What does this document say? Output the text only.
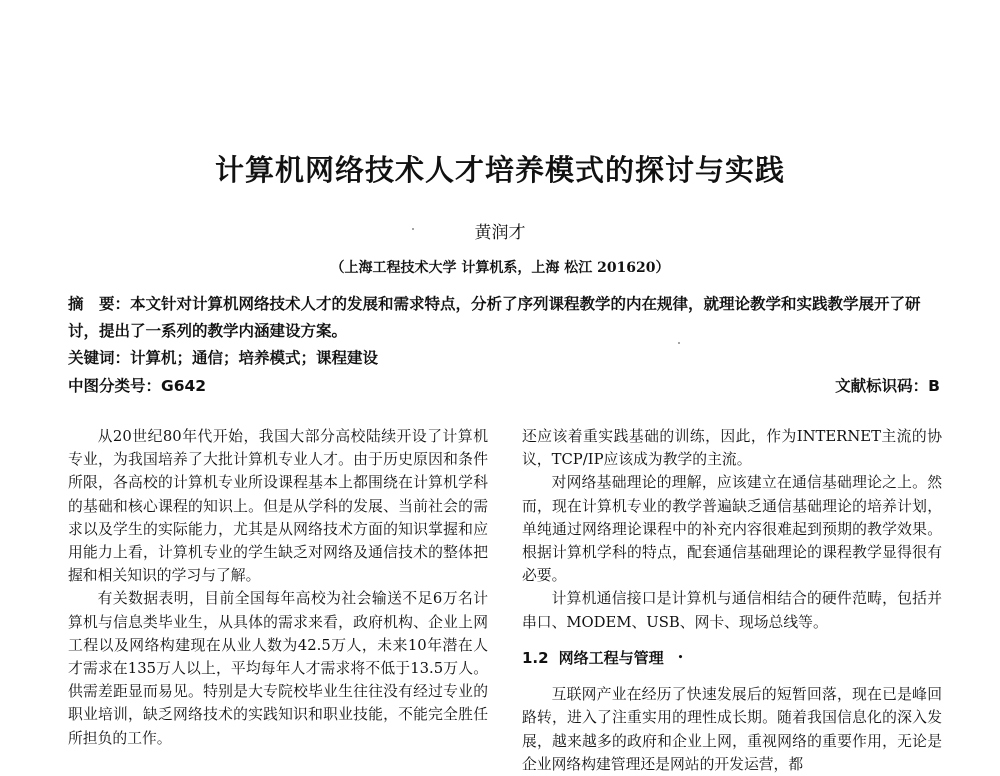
计算机网络技术人才培养模式的探讨与实践
黄润才
（上海工程技术大学 计算机系，上海 松江 201620）
摘　要：本文针对计算机网络技术人才的发展和需求特点，分析了序列课程教学的内在规律，就理论教学和实践教学展开了研讨，提出了一系列的教学内涵建设方案。
关键词：计算机；通信；培养模式；课程建设
中图分类号：G642	文献标识码：B

从20世纪80年代开始，我国大部分高校陆续开设了计算机专业，为我国培养了大批计算机专业人才。由于历史原因和条件所限，各高校的计算机专业所设课程基本上都围绕在计算机学科的基础和核心课程的知识上。但是从学科的发展、当前社会的需求以及学生的实际能力，尤其是从网络技术方面的知识掌握和应用能力上看，计算机专业的学生缺乏对网络及通信技术的整体把握和相关知识的学习与了解。

有关数据表明，目前全国每年高校为社会输送不足6万名计算机与信息类毕业生，从具体的需求来看，政府机构、企业上网工程以及网络构建现在从业人数为42.5万人，未来10年潜在人才需求在135万人以上，平均每年人才需求将不低于13.5万人。供需差距显而易见。特别是大专院校毕业生往往没有经过专业的职业培训，缺乏网络技术的实践知识和职业技能，不能完全胜任所担负的工作。

还应该着重实践基础的训练，因此，作为INTERNET主流的协议，TCP/IP应该成为教学的主流。

对网络基础理论的理解，应该建立在通信基础理论之上。然而，现在计算机专业的教学普遍缺乏通信基础理论的培养计划，单纯通过网络理论课程中的补充内容很难起到预期的教学效果。根据计算机学科的特点，配套通信基础理论的课程教学显得很有必要。

计算机通信接口是计算机与通信相结合的硬件范畴，包括并串口、MODEM、USB、网卡、现场总线等。

1.2 网络工程与管理 •

互联网产业在经历了快速发展后的短暂回落，现在已是峰回路转，进入了注重实用的理性成长期。随着我国信息化的深入发展，越来越多的政府和企业上网，重视网络的重要作用，无论是企业网络构建管理还是网站的开发运营，都
